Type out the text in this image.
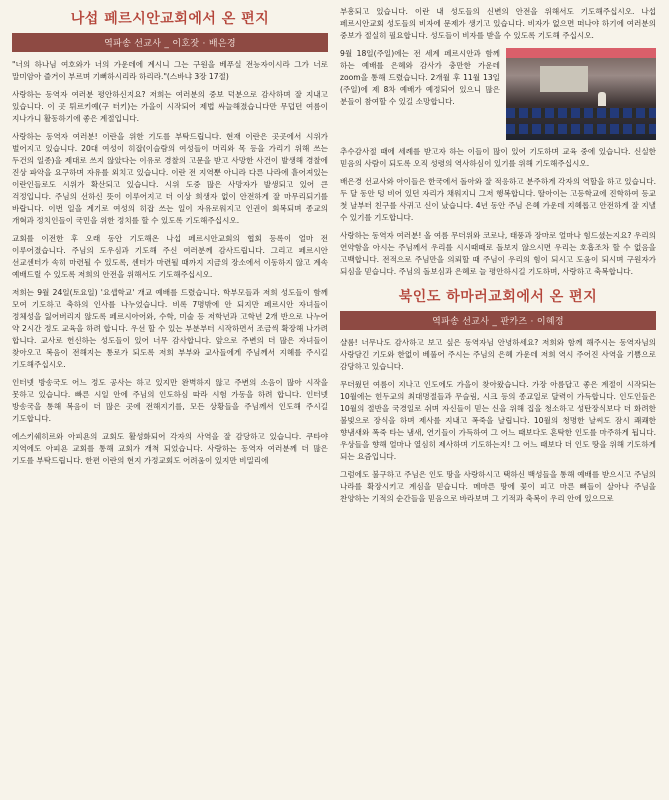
나섭 페르시안교회에서 온 편지
역파송 선교사 _ 이호잣 · 배은경

"너의 하나님 여호와가 너의 가운데에 계시니 그는 구원을 베푸실 전능자이시라 그가 너로 말미암아 즐거이 부르며 기뻐하시리라 하리라."(스바냐 3장 17절)

사랑하는 동역자 여러분 평안하신지요? 저희는 여러분의 중보 덕분으로 감사하며 잘 지내고 있습니다. 이 곳 튀르키예(구 터키)는 가을이 시작되어 제법 싸늘해졌습니다만 무덥던 여름이 지나가니 활동하기에 좋은 계절입니다.

사랑하는 동역자 여러분! 이란을 위한 기도를 부탁드립니다. 현재 이란은 곳곳에서 시위가 벌어지고 있습니다. 20대 여성이 히잡(이슬람의 여성들이 머리와 목 등을 가리기 위해 쓰는 두건의 일종)을 제대로 쓰지 않았다는 이유로 경찰의 고문을 받고 사망한 사건이 발생해 경찰에 진상 파악을 요구하며 자유를 외치고 있습니다. 이란 전 지역뿐 아니라 다른 나라에 흩어져있는 이란인들로도 시위가 확산되고 있습니다. 시위 도중 많은 사망자가 발생되고 있어 큰 걱정입니다. 주님의 선하신 뜻이 이루어지고 더 이상 희생자 없이 안전하게 잘 마무리되기를 바랍니다. 이번 일을 계기로 여성의 히잡 쓰는 일이 자유로워지고 인권이 회복되며 종교의 개혁과 정치인들이 국민을 위한 정치를 할 수 있도록 기도해주십시오.

교회를 이전한 후 오래 동안 기도해온 나섭 페르시안교회의 협회 등록이 얼마 전 이루어졌습니다. 주님의 도우심과 기도해 주신 여러분께 감사드립니다. 그리고 페르시안 선교센터가 속히 마련될 수 있도록, 센터가 마련될 때까지 지금의 장소에서 이동하지 않고 계속 예배드릴 수 있도록 저희의 안전을 위해서도 기도해주십시오.

저희는 9월 24일(토요일) '요셉학교' 개교 예배를 드렸습니다. 학부모들과 저희 성도들이 함께 모여 기도하고 축하의 인사를 나누었습니다. 비록 7명밖에 안 되지만 페르시안 자녀들이 정체성을 잃어버리지 않도록 페르시아어와, 수학, 미술 등 저학년과 고학년 2개 반으로 나누어 약 2시간 정도 교육을 하려 합니다. 우선 할 수 있는 부분부터 시작하면서 조금씩 확장해 나가려 합니다. 교사로 헌신하는 성도들이 있어 너무 감사합니다. 앞으로 주변의 더 많은 자녀들이 찾아오고 복음이 전해지는 통로가 되도록 저희 부부와 교사들에게 주님께서 지혜를 주시길 기도해주십시오.

인터넷 방송국도 어느 정도 공사는 하고 있지만 완벽하지 않고 주변의 소음이 많아 시작을 못하고 있습니다. 빠른 시일 안에 주님의 인도하심 따라 시험 가동을 하려 합니다. 인터넷 방송국을 통해 복음이 더 많은 곳에 전해지기를, 모든 상황들을 주님께서 인도해 주시길 기도합니다.

에스키쉐히르와 아피욘의 교회도 활성화되어 각자의 사역을 잘 감당하고 있습니다. 쿠타야 지역에도 아피욘 교회를 통해 교회가 개척 되었습니다. 사랑하는 동역자 여러분께 더 많은 기도를 부탁드립니다. 한편 이란의 현지 가정교회도 어려움이 있지만 비밀리에

부흥되고 있습니다. 이란 내 성도들의 신변의 안전을 위해서도 기도해주십시오. 나섭 페르시안교회 성도들의 비자에 문제가 생기고 있습니다. 비자가 없으면 떠나야 하기에 여러분의 중보가 절실히 필요합니다. 성도들이 비자를 받을 수 있도록 기도해 주십시오.

9월 18일(주일)에는 전 세계 페르시안과 함께 하는 예배를 은혜와 감사가 충만한 가운데 zoom을 통해 드렸습니다. 2개월 후 11월 13일(주일)에 제 8차 예배가 예정되어 있으니 많은 분들이 참여할 수 있길 소망합니다.

추수감사절 때에 세례를 받고자 하는 이들이 많이 있어 기도하며 교육 중에 있습니다. 신실한 믿음의 사람이 되도록 오직 성령의 역사하심이 있기를 위해 기도해주십시오.

배은경 선교사와 아이들은 한국에서 돌아와 잘 적응하고 분주하게 각자의 역할을 하고 있습니다. 두 달 동안 텅 비어 있던 자리가 채워지니 그저 행복합니다. 딸아이는 고등학교에 진학하여 등교 첫 날부터 친구를 사귀고 신이 났습니다. 4년 동안 주님 은혜 가운데 지혜롭고 안전하게 잘 지낼 수 있기를 기도합니다.

사랑하는 동역자 여러분! 올 여름 무더위와 코로나, 태풍과 장마로 얼마나 힘드셨는지요? 우리의 연약함을 아시는 주님께서 우리를 시시때때로 돌보지 않으시면 우리는 호흡조차 할 수 없음을 고백합니다. 전적으로 주님만을 의뢰할 때 주님이 우리의 힘이 되시고 도움이 되시며 구원자가 되심을 믿습니다. 주님의 돌보심과 은혜로 늘 평안하시길 기도하며, 사랑하고 축복합니다.

북인도 하마러교회에서 온 편지
역파송 선교사 _ 판카즈 · 이혜정

샬롬! 너무나도 감사하고 보고 싶은 동역자님 안녕하세요? 저희와 함께 해주시는 동역자님의 사랑담긴 기도와 한없이 베풀어 주시는 주님의 은혜 가운데 저희 역시 주어진 사역을 기쁨으로 감당하고 있습니다.

무더웠던 여름이 지나고 인도에도 가을이 찾아왔습니다. 가장 아름답고 좋은 계절이 시작되는 10월에는 힌두교의 최대명절들과 무슬림, 시크 등의 종교일로 달력이 가득합니다. 인도인들은 10월의 절반을 국경일로 쉬며 자신들이 믿는 신을 위해 집을 청소하고 성탄장식보다 더 화려한 불빛으로 장식을 하며 제사를 지내고 폭죽을 날립니다. 10월의 청명한 날씨도 잠시 쾌쾌한 향냄새와 폭죽 타는 냄새, 연기들이 가득하여 그 어느 때보다도 혼탁한 인도를 마주하게 됩니다. 우상들을 향해 얼마나 열심히 제사하며 기도하는지! 그 어느 때보다 더 인도 땅을 위해 기도하게 되는 요즘입니다.

그럼에도 불구하고 주님은 인도 땅을 사랑하시고 택하신 백성들을 통해 예배를 받으시고 주님의 나라를 확장시키고 계심을 믿습니다. 메마른 땅에 꽃이 피고 마른 뼈들이 살아나 주님을 찬양하는 기적의 순간들을 믿음으로 바라보며 그 기적과 축복이 우리 안에 있으므로
